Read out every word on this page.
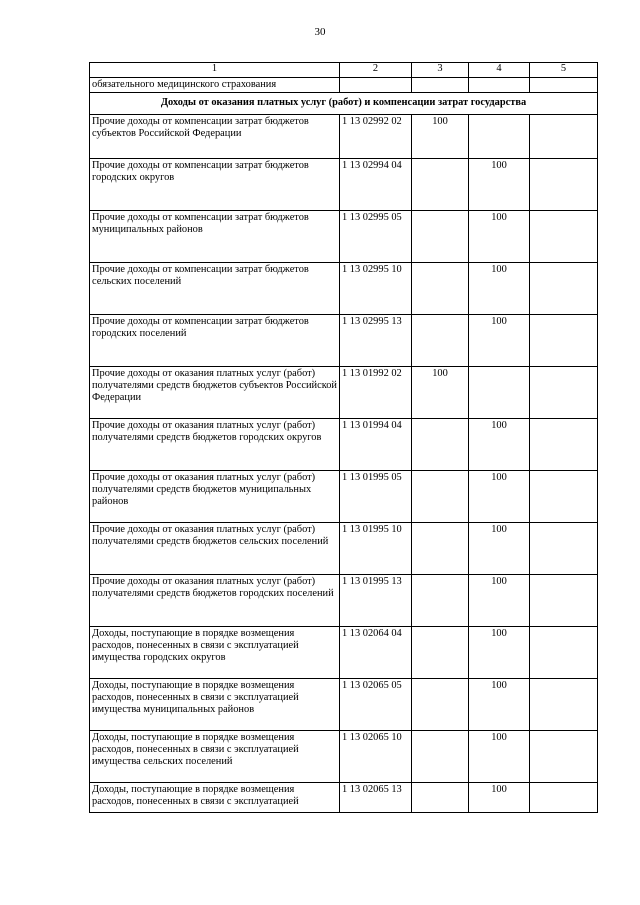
30
1	2	3	4	5
обязательного медицинского страхования				
Доходы от оказания платных услуг (работ) и компенсации затрат государства				
Прочие доходы от компенсации затрат бюджетов субъектов Российской Федерации	1 13 02992 02	100		
Прочие доходы от компенсации затрат бюджетов городских округов	1 13 02994 04		100	
Прочие доходы от компенсации затрат бюджетов муниципальных районов	1 13 02995 05		100	
Прочие доходы от компенсации затрат бюджетов сельских поселений	1 13 02995 10		100	
Прочие доходы от компенсации затрат бюджетов городских поселений	1 13 02995 13		100	
Прочие доходы от оказания платных услуг (работ) получателями средств бюджетов субъектов Российской Федерации	1 13 01992 02	100		
Прочие доходы от оказания платных услуг (работ) получателями средств бюджетов городских округов	1 13 01994 04		100	
Прочие доходы от оказания платных услуг (работ) получателями средств бюджетов муниципальных районов	1 13 01995 05		100	
Прочие доходы от оказания платных услуг (работ) получателями средств бюджетов сельских поселений	1 13 01995 10		100	
Прочие доходы от оказания платных услуг (работ) получателями средств бюджетов городских поселений	1 13 01995 13		100	
Доходы, поступающие в порядке возмещения расходов, понесенных в связи с эксплуатацией имущества городских округов	1 13 02064 04		100	
Доходы, поступающие в порядке возмещения расходов, понесенных в связи с эксплуатацией имущества муниципальных районов	1 13 02065 05		100	
Доходы, поступающие в порядке возмещения расходов, понесенных в связи с эксплуатацией имущества сельских поселений	1 13 02065 10		100	
Доходы, поступающие в порядке возмещения расходов, понесенных в связи с эксплуатацией	1 13 02065 13		100	
